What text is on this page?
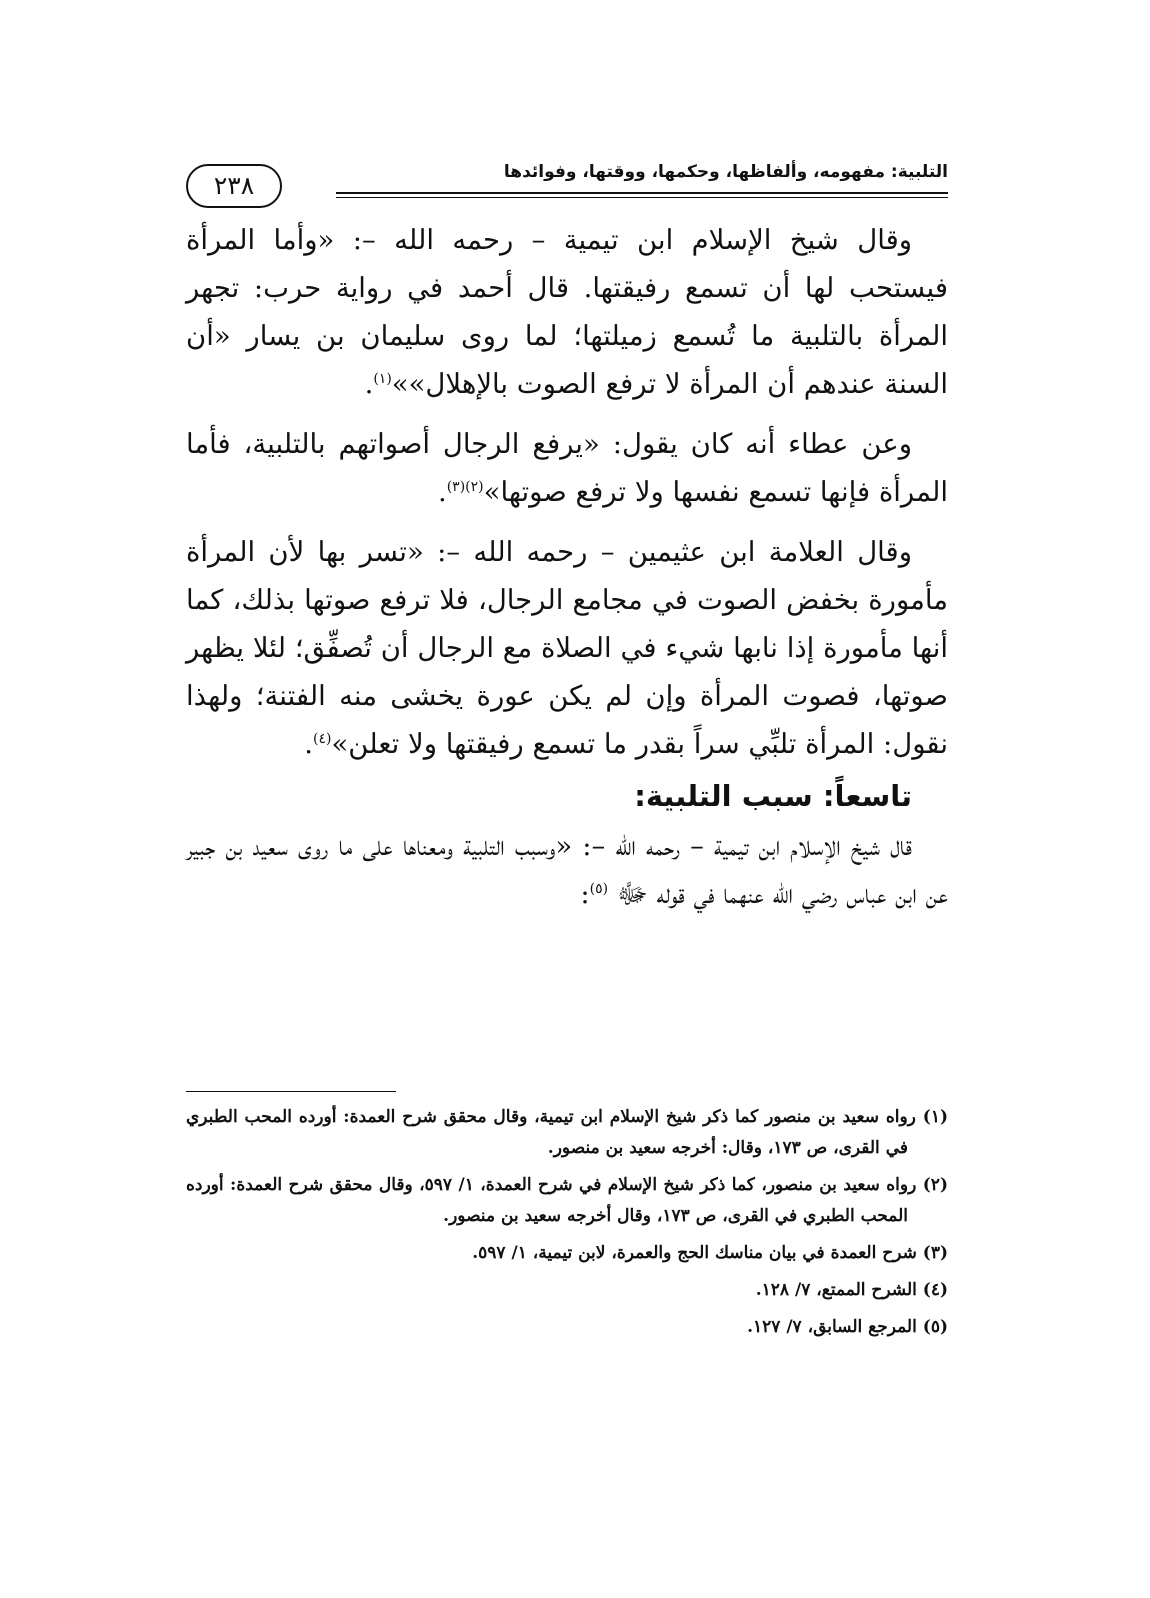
التلبية: مفهومه، وألفاظها، وحكمها، ووقتها، وفوائدها
٢٣٨

وقال شيخ الإسلام ابن تيمية – رحمه الله –: «وأما المرأة فيستحب لها أن تسمع رفيقتها. قال أحمد في رواية حرب: تجهر المرأة بالتلبية ما تُسمع زميلتها؛ لما روى سليمان بن يسار «أن السنة عندهم أن المرأة لا ترفع الصوت بالإهلال»»$^{(١)}$.

وعن عطاء أنه كان يقول: «يرفع الرجال أصواتهم بالتلبية، فأما المرأة فإنها تسمع نفسها ولا ترفع صوتها»$^{(٢)(٣)}$.

وقال العلامة ابن عثيمين – رحمه الله –: «تسر بها لأن المرأة مأمورة بخفض الصوت في مجامع الرجال، فلا ترفع صوتها بذلك، كما أنها مأمورة إذا نابها شيء في الصلاة مع الرجال أن تُصفِّق؛ لئلا يظهر صوتها، فصوت المرأة وإن لم يكن عورة يخشى منه الفتنة؛ ولهذا نقول: المرأة تلبِّي سراً بقدر ما تسمع رفيقتها ولا تعلن»$^{(٤)}$.

تاسعاً: سبب التلبية:

قال شيخ الإسلام ابن تيمية – رحمه الله –: «وسبب التلبية ومعناها على ما روى سعيد بن جبير عن ابن عباس رضي الله عنهما في قوله ﷻ $^{(٥)}$:

(١) رواه سعيد بن منصور كما ذكر شيخ الإسلام ابن تيمية، وقال محقق شرح العمدة: أورده المحب الطبري في القرى، ص ١٧٣، وقال: أخرجه سعيد بن منصور.
(٢) رواه سعيد بن منصور، كما ذكر شيخ الإسلام في شرح العمدة، ١/ ٥٩٧، وقال محقق شرح العمدة: أورده المحب الطبري في القرى، ص ١٧٣، وقال أخرجه سعيد بن منصور.
(٣) شرح العمدة في بيان مناسك الحج والعمرة، لابن تيمية، ١/ ٥٩٧.
(٤) الشرح الممتع، ٧/ ١٢٨.
(٥) المرجع السابق، ٧/ ١٢٧.
